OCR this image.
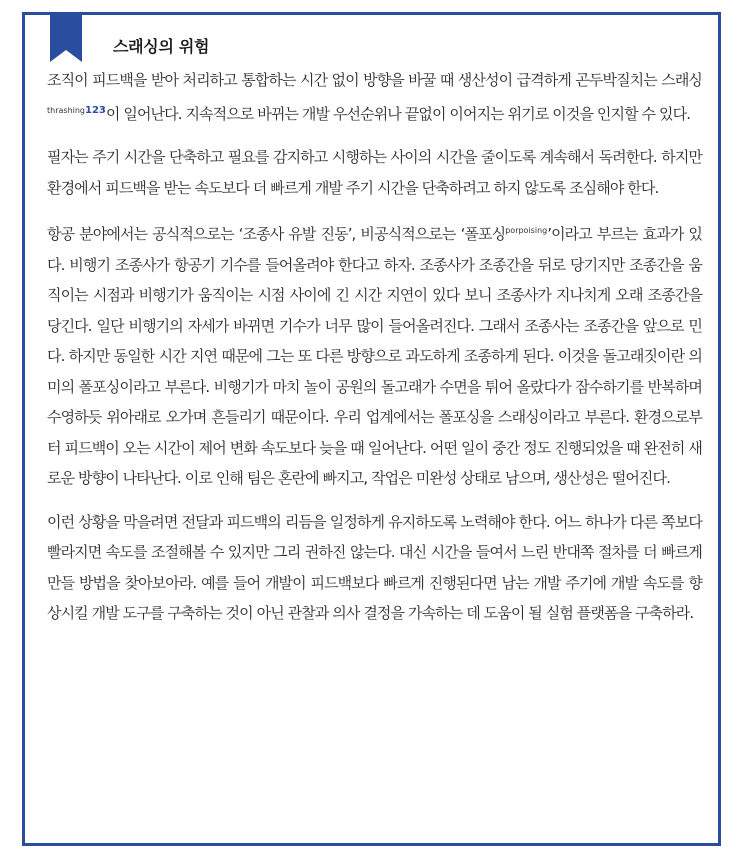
스래싱의 위험

조직이 피드백을 받아 처리하고 통합하는 시간 없이 방향을 바꿀 때 생산성이 급격하게 곤두박질치는 스래싱$^{thrashing123}$이 일어난다. 지속적으로 바뀌는 개발 우선순위나 끝없이 이어지는 위기로 이것을 인지할 수 있다.

필자는 주기 시간을 단축하고 필요를 감지하고 시행하는 사이의 시간을 줄이도록 계속해서 독려한다. 하지만 환경에서 피드백을 받는 속도보다 더 빠르게 개발 주기 시간을 단축하려고 하지 않도록 조심해야 한다.

항공 분야에서는 공식적으로는 ‘조종사 유발 진동’, 비공식적으로는 ‘폴포싱$^{porpoising}$’이라고 부르는 효과가 있다. 비행기 조종사가 항공기 기수를 들어올려야 한다고 하자. 조종사가 조종간을 뒤로 당기지만 조종간을 움직이는 시점과 비행기가 움직이는 시점 사이에 긴 시간 지연이 있다 보니 조종사가 지나치게 오래 조종간을 당긴다. 일단 비행기의 자세가 바뀌면 기수가 너무 많이 들어올려진다. 그래서 조종사는 조종간을 앞으로 민다. 하지만 동일한 시간 지연 때문에 그는 또 다른 방향으로 과도하게 조종하게 된다. 이것을 돌고래짓이란 의미의 폴포싱이라고 부른다. 비행기가 마치 놀이 공원의 돌고래가 수면을 튀어 올랐다가 잠수하기를 반복하며 수영하듯 위아래로 오가며 흔들리기 때문이다. 우리 업계에서는 폴포싱을 스래싱이라고 부른다. 환경으로부터 피드백이 오는 시간이 제어 변화 속도보다 늦을 때 일어난다. 어떤 일이 중간 정도 진행되었을 때 완전히 새로운 방향이 나타난다. 이로 인해 팀은 혼란에 빠지고, 작업은 미완성 상태로 남으며, 생산성은 떨어진다.

이런 상황을 막을려면 전달과 피드백의 리듬을 일정하게 유지하도록 노력해야 한다. 어느 하나가 다른 쪽보다 빨라지면 속도를 조절해볼 수 있지만 그리 권하진 않는다. 대신 시간을 들여서 느린 반대쪽 절차를 더 빠르게 만들 방법을 찾아보아라. 예를 들어 개발이 피드백보다 빠르게 진행된다면 남는 개발 주기에 개발 속도를 향상시킬 개발 도구를 구축하는 것이 아닌 관찰과 의사 결정을 가속하는 데 도움이 될 실험 플랫폼을 구축하라.
